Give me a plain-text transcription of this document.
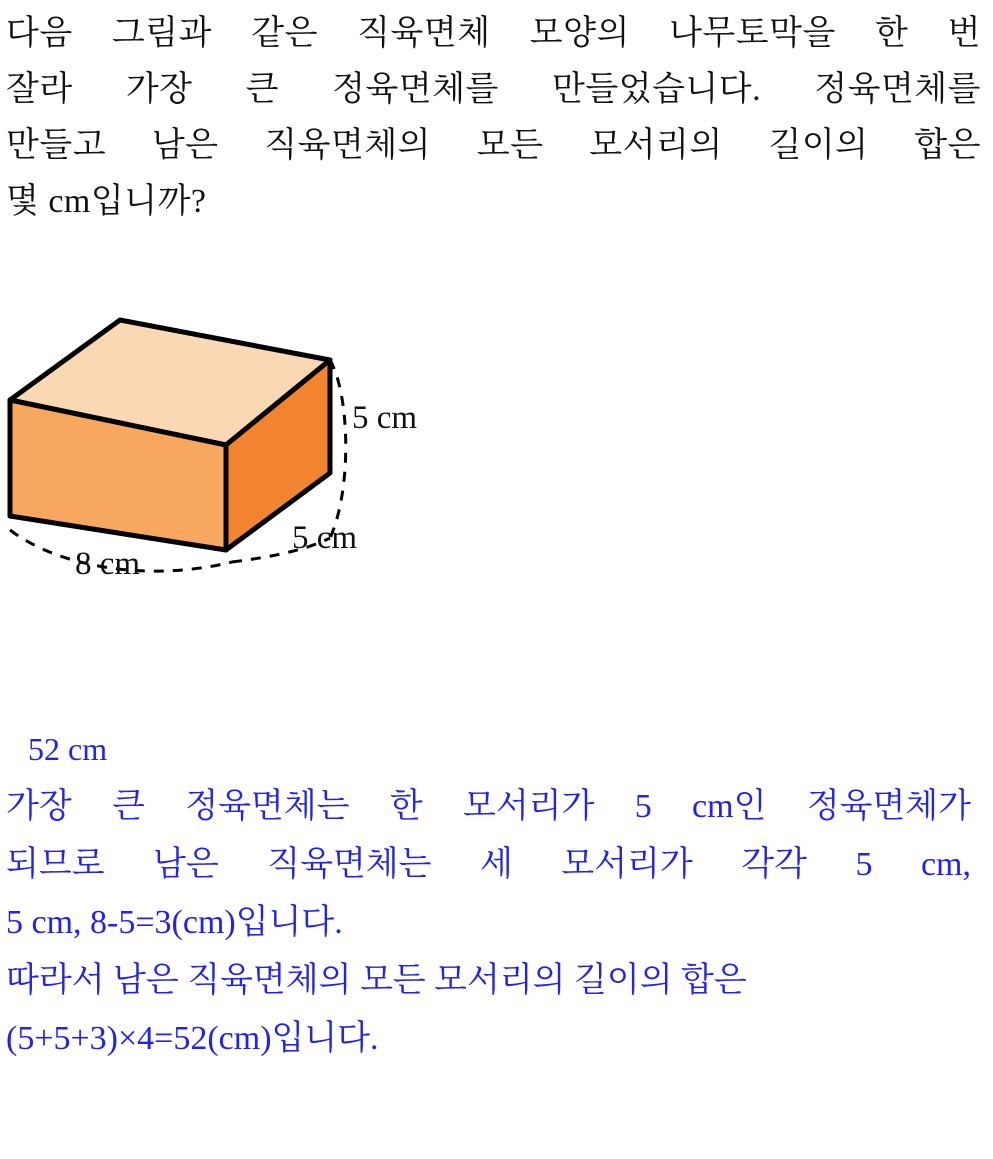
다음 그림과 같은 직육면체 모양의 나무토막을 한 번
잘라 가장 큰 정육면체를 만들었습니다. 정육면체를
만들고 남은 직육면체의 모든 모서리의 길이의 합은
몇 cm입니까?
5 cm
5 cm
8 cm
52 cm
가장 큰 정육면체는 한 모서리가 5 cm인 정육면체가
되므로 남은 직육면체는 세 모서리가 각각 5 cm,
5 cm, 8-5=3(cm)입니다.
따라서 남은 직육면체의 모든 모서리의 길이의 합은
(5+5+3)×4=52(cm)입니다.
